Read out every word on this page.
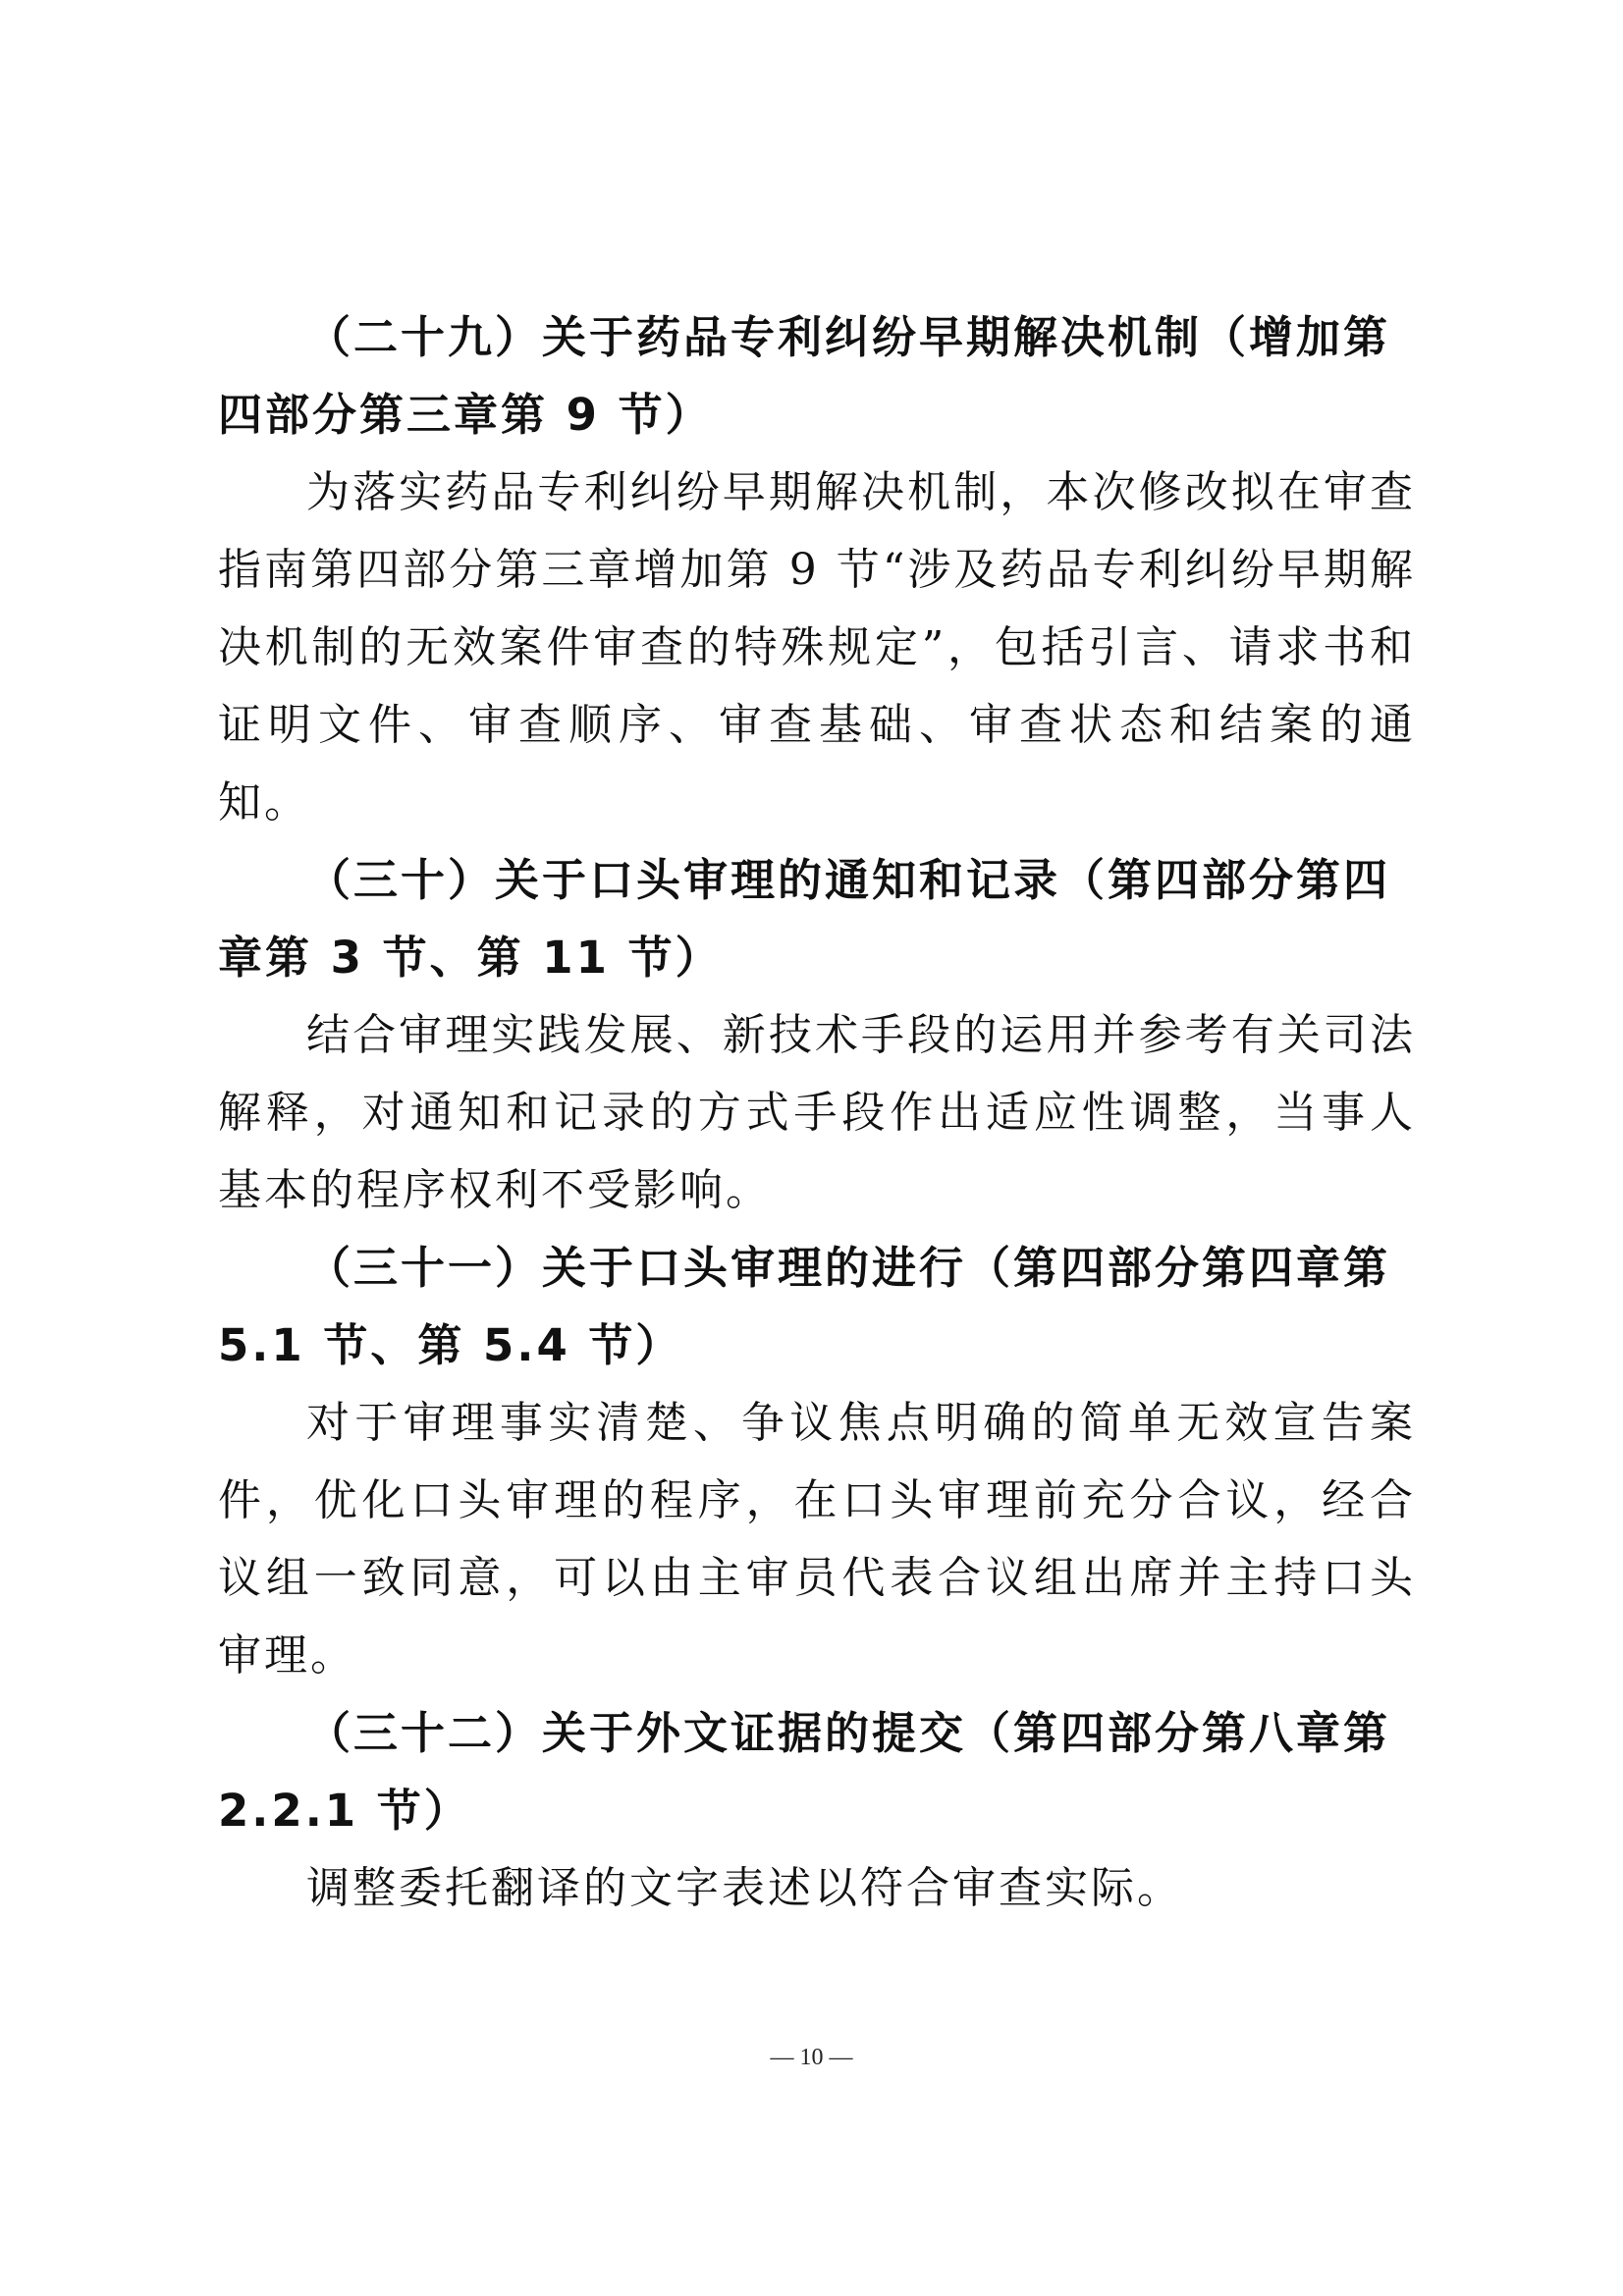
（二十九）关于药品专利纠纷早期解决机制（增加第四部分第三章第 9 节）

为落实药品专利纠纷早期解决机制，本次修改拟在审查指南第四部分第三章增加第 9 节“涉及药品专利纠纷早期解决机制的无效案件审查的特殊规定”，包括引言、请求书和证明文件、审查顺序、审查基础、审查状态和结案的通知。

（三十）关于口头审理的通知和记录（第四部分第四章第 3 节、第 11 节）

结合审理实践发展、新技术手段的运用并参考有关司法解释，对通知和记录的方式手段作出适应性调整，当事人基本的程序权利不受影响。

（三十一）关于口头审理的进行（第四部分第四章第 5.1 节、第 5.4 节）

对于审理事实清楚、争议焦点明确的简单无效宣告案件，优化口头审理的程序，在口头审理前充分合议，经合议组一致同意，可以由主审员代表合议组出席并主持口头审理。

（三十二）关于外文证据的提交（第四部分第八章第 2.2.1 节）

调整委托翻译的文字表述以符合审查实际。

— 10 —
